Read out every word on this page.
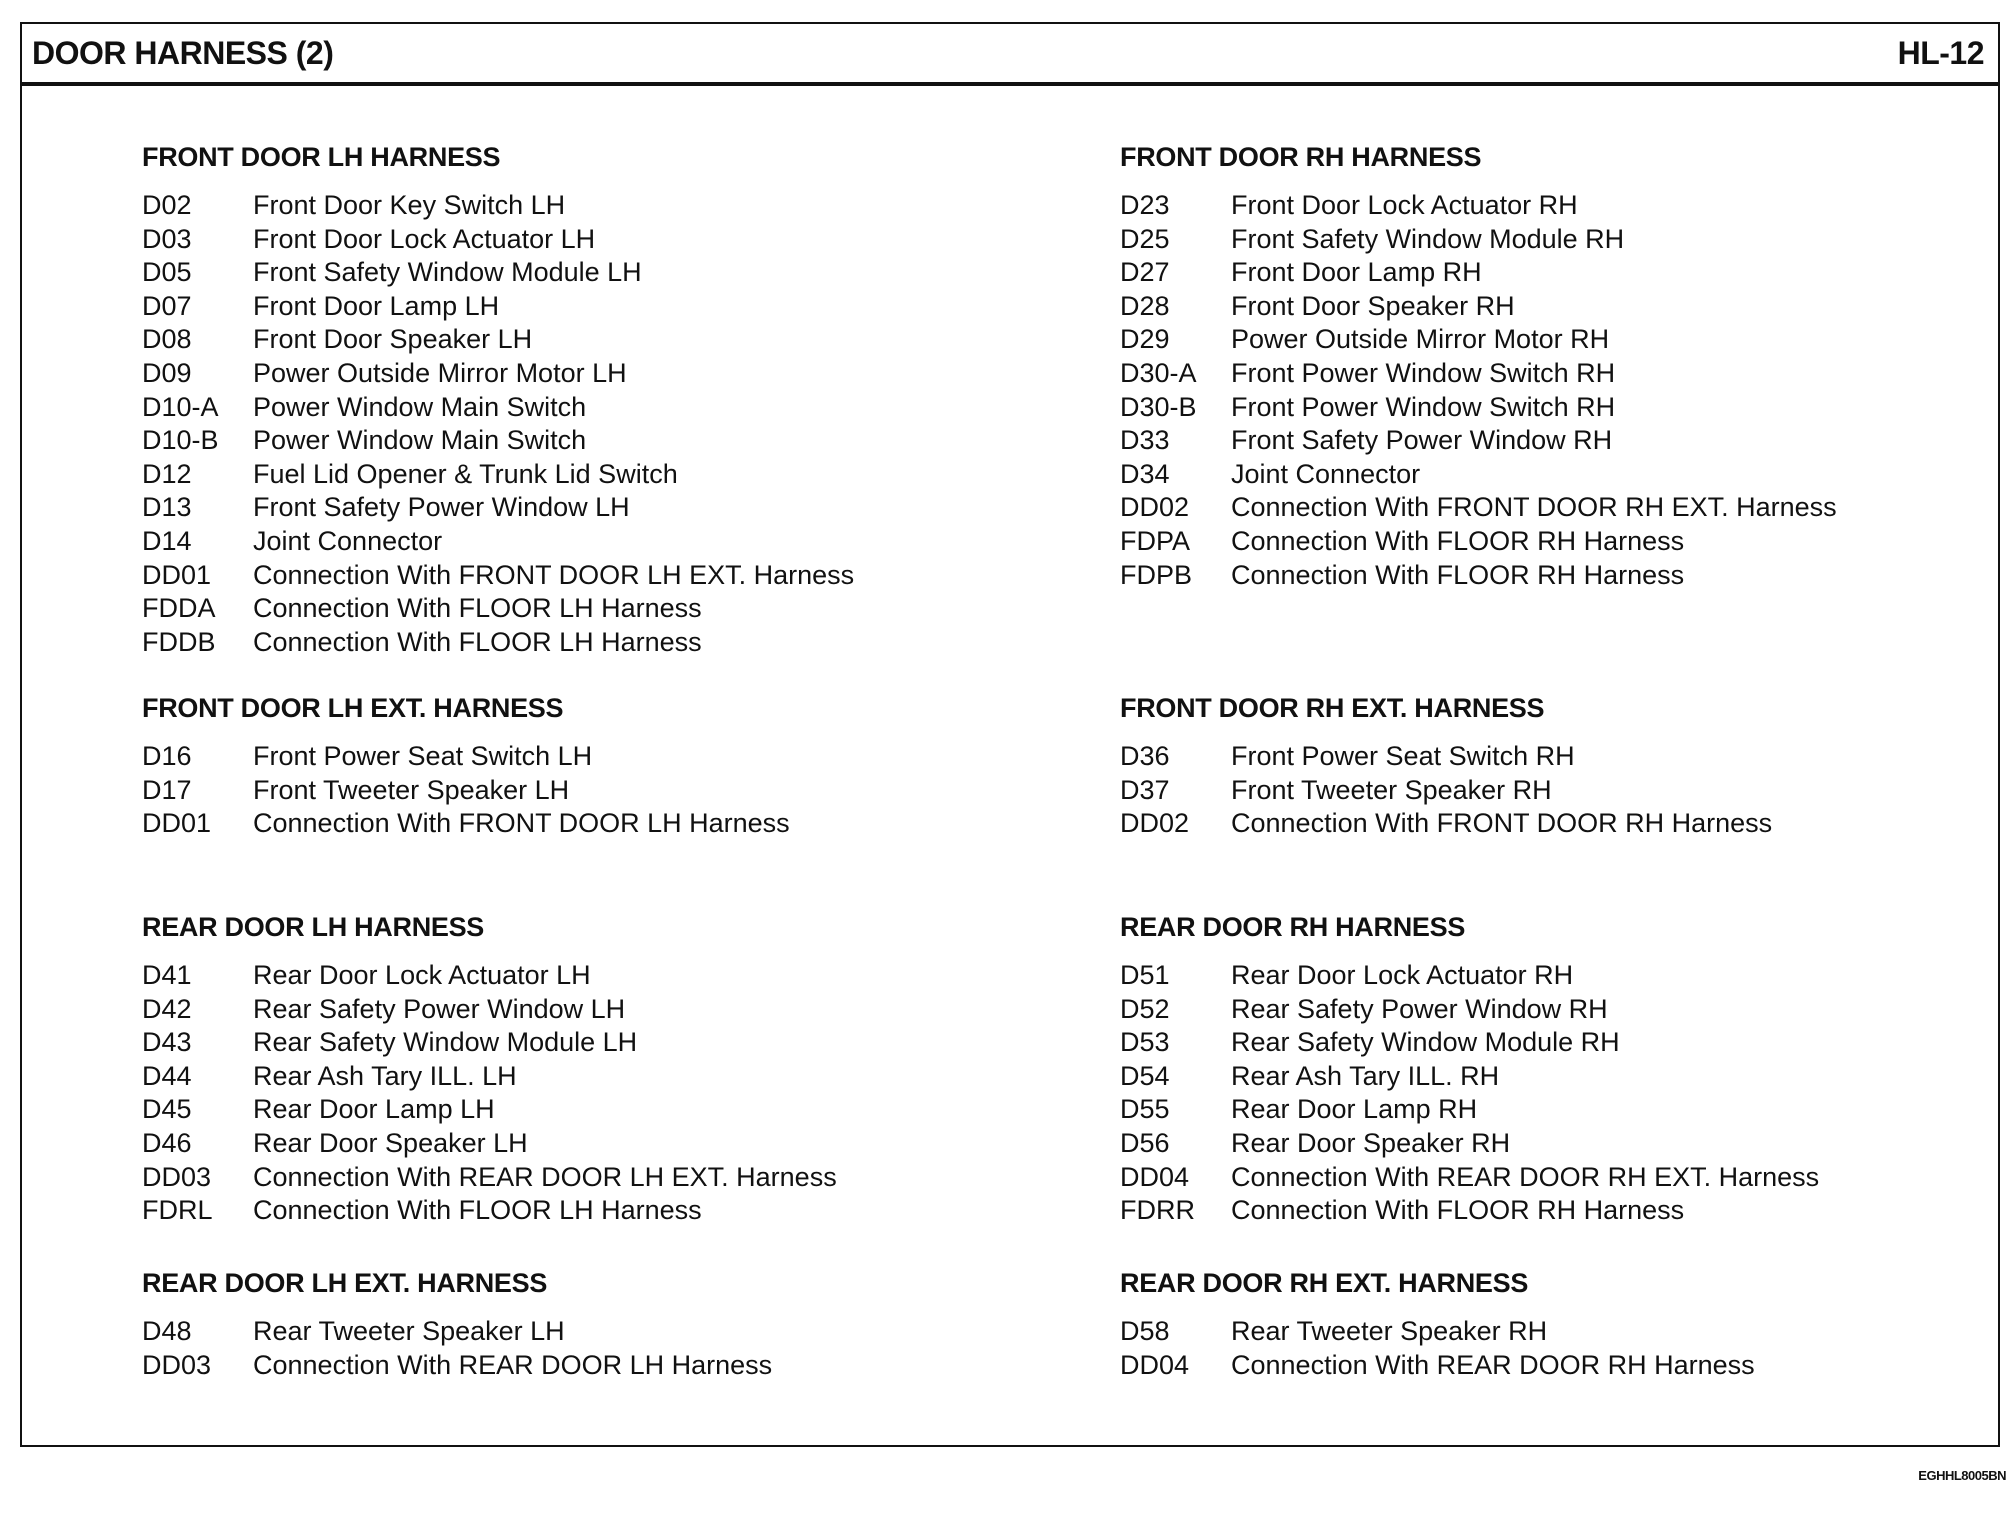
DOOR HARNESS (2)	HL-12
FRONT DOOR LH HARNESS
D02	Front Door Key Switch LH
D03	Front Door Lock Actuator LH
D05	Front Safety Window Module LH
D07	Front Door Lamp LH
D08	Front Door Speaker LH
D09	Power Outside Mirror Motor LH
D10-A	Power Window Main Switch
D10-B	Power Window Main Switch
D12	Fuel Lid Opener & Trunk Lid Switch
D13	Front Safety Power Window LH
D14	Joint Connector
DD01	Connection With FRONT DOOR LH EXT. Harness
FDDA	Connection With FLOOR LH Harness
FDDB	Connection With FLOOR LH Harness
FRONT DOOR LH EXT. HARNESS
D16	Front Power Seat Switch LH
D17	Front Tweeter Speaker LH
DD01	Connection With FRONT DOOR LH Harness
REAR DOOR LH HARNESS
D41	Rear Door Lock Actuator LH
D42	Rear Safety Power Window LH
D43	Rear Safety Window Module LH
D44	Rear Ash Tary ILL. LH
D45	Rear Door Lamp LH
D46	Rear Door Speaker LH
DD03	Connection With REAR DOOR LH EXT. Harness
FDRL	Connection With FLOOR LH Harness
REAR DOOR LH EXT. HARNESS
D48	Rear Tweeter Speaker LH
DD03	Connection With REAR DOOR LH Harness
FRONT DOOR RH HARNESS
D23	Front Door Lock Actuator RH
D25	Front Safety Window Module RH
D27	Front Door Lamp RH
D28	Front Door Speaker RH
D29	Power Outside Mirror Motor RH
D30-A	Front Power Window Switch RH
D30-B	Front Power Window Switch RH
D33	Front Safety Power Window RH
D34	Joint Connector
DD02	Connection With FRONT DOOR RH EXT. Harness
FDPA	Connection With FLOOR RH Harness
FDPB	Connection With FLOOR RH Harness
FRONT DOOR RH EXT. HARNESS
D36	Front Power Seat Switch RH
D37	Front Tweeter Speaker RH
DD02	Connection With FRONT DOOR RH Harness
REAR DOOR RH HARNESS
D51	Rear Door Lock Actuator RH
D52	Rear Safety Power Window RH
D53	Rear Safety Window Module RH
D54	Rear Ash Tary ILL. RH
D55	Rear Door Lamp RH
D56	Rear Door Speaker RH
DD04	Connection With REAR DOOR RH EXT. Harness
FDRR	Connection With FLOOR RH Harness
REAR DOOR RH EXT. HARNESS
D58	Rear Tweeter Speaker RH
DD04	Connection With REAR DOOR RH Harness
EGHHL8005BN
